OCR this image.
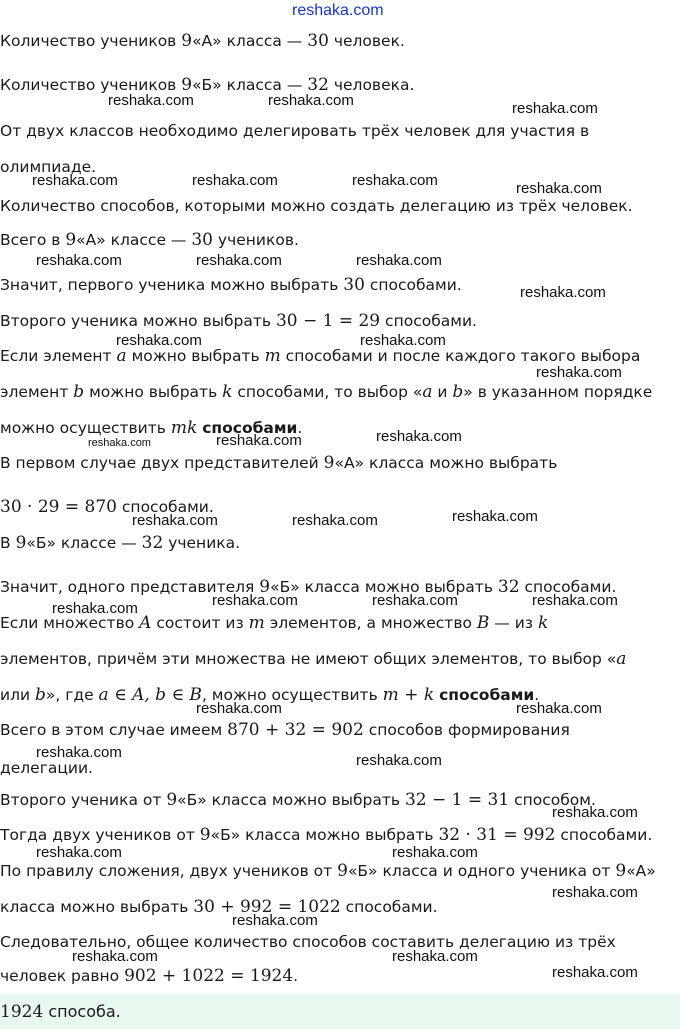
reshaka.com

Количество учеников 9«А» класса — 30 человек.

Количество учеников 9«Б» класса — 32 человека.

От двух классов необходимо делегировать трёх человек для участия в

олимпиаде.

Количество способов, которыми можно создать делегацию из трёх человек.

Всего в 9«А» классе — 30 учеников.

Значит, первого ученика можно выбрать 30 способами.

Второго ученика можно выбрать 30 − 1 = 29 способами.

Если элемент a можно выбрать m способами и после каждого такого выбора

элемент b можно выбрать k способами, то выбор «a и b» в указанном порядке

можно осуществить mk способами.

В первом случае двух представителей 9«А» класса можно выбрать

30 · 29 = 870 способами.

В 9«Б» классе — 32 ученика.

Значит, одного представителя 9«Б» класса можно выбрать 32 способами.

Если множество A состоит из m элементов, а множество B — из k

элементов, причём эти множества не имеют общих элементов, то выбор «a

или b», где a ∈ A, b ∈ B, можно осуществить m + k способами.

Всего в этом случае имеем 870 + 32 = 902 способов формирования

делегации.

Второго ученика от 9«Б» класса можно выбрать 32 − 1 = 31 способом.

Тогда двух учеников от 9«Б» класса можно выбрать 32 · 31 = 992 способами.

По правилу сложения, двух учеников от 9«Б» класса и одного ученика от 9«А»

класса можно выбрать 30 + 992 = 1022 способами.

Следовательно, общее количество способов составить делегацию из трёх

человек равно 902 + 1022 = 1924.

1924 способа.

reshaka.com	reshaka.com	reshaka.com
reshaka.com	reshaka.com	reshaka.com	reshaka.com
reshaka.com	reshaka.com	reshaka.com
reshaka.com
reshaka.com	reshaka.com
reshaka.com
reshaka.com	reshaka.com	reshaka.com
reshaka.com	reshaka.com	reshaka.com
reshaka.com	reshaka.com	reshaka.com	reshaka.com
reshaka.com	reshaka.com
reshaka.com	reshaka.com
reshaka.com
reshaka.com	reshaka.com
reshaka.com
reshaka.com
reshaka.com	reshaka.com
reshaka.com
